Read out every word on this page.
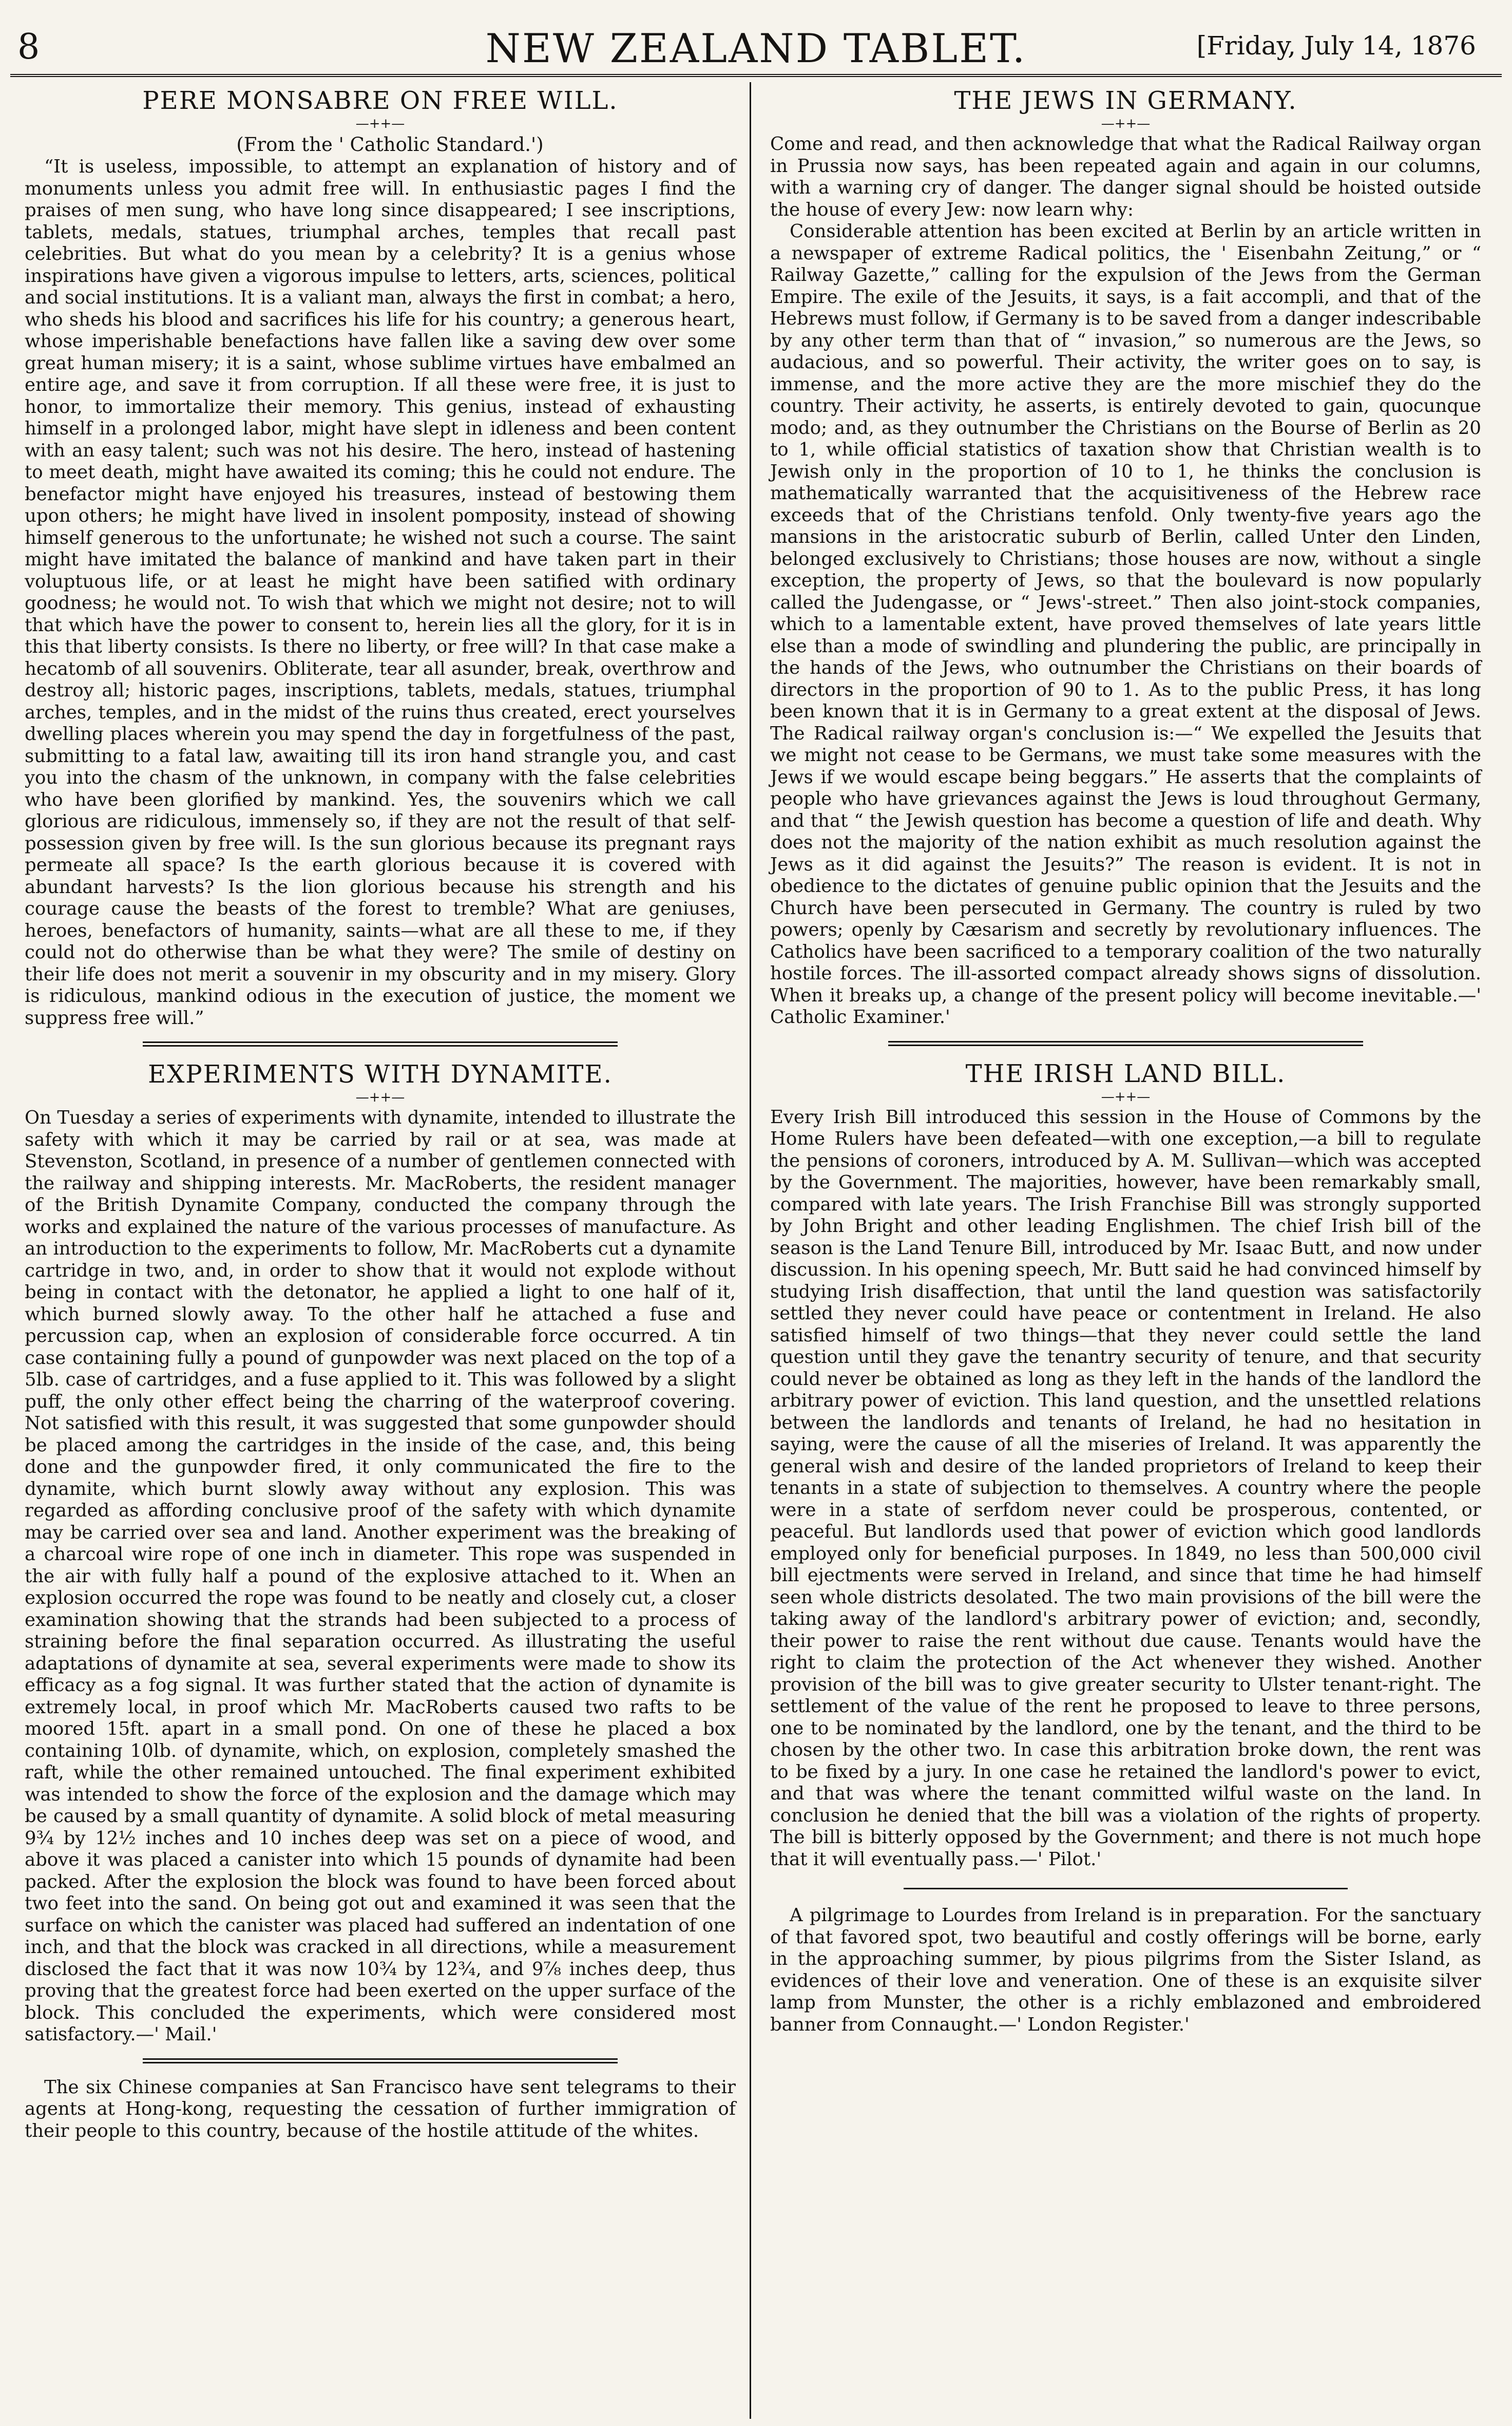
8	NEW ZEALAND TABLET.	[Friday, July 14, 1876
PERE MONSABRE ON FREE WILL.
—++—

(From the ' Catholic Standard.')

“It is useless, impossible, to attempt an explanation of history and of monuments unless you admit free will. In enthusiastic pages I find the praises of men sung, who have long since disappeared; I see inscriptions, tablets, medals, statues, triumphal arches, temples that recall past celebrities. But what do you mean by a celebrity? It is a genius whose inspirations have given a vigorous impulse to letters, arts, sciences, political and social institutions. It is a valiant man, always the first in combat; a hero, who sheds his blood and sacrifices his life for his country; a generous heart, whose imperishable benefactions have fallen like a saving dew over some great human misery; it is a saint, whose sublime virtues have embalmed an entire age, and save it from corruption. If all these were free, it is just to honor, to immortalize their memory. This genius, instead of exhausting himself in a prolonged labor, might have slept in idleness and been content with an easy talent; such was not his desire. The hero, instead of hastening to meet death, might have awaited its coming; this he could not endure. The benefactor might have enjoyed his treasures, instead of bestowing them upon others; he might have lived in insolent pomposity, instead of showing himself generous to the unfortunate; he wished not such a course. The saint might have imitated the balance of mankind and have taken part in their voluptuous life, or at least he might have been satified with ordinary goodness; he would not. To wish that which we might not desire; not to will that which have the power to consent to, herein lies all the glory, for it is in this that liberty consists. Is there no liberty, or free will? In that case make a hecatomb of all souvenirs. Obliterate, tear all asunder, break, overthrow and destroy all; historic pages, inscriptions, tablets, medals, statues, triumphal arches, temples, and in the midst of the ruins thus created, erect yourselves dwelling places wherein you may spend the day in forgetfulness of the past, submitting to a fatal law, awaiting till its iron hand strangle you, and cast you into the chasm of the unknown, in company with the false celebrities who have been glorified by mankind. Yes, the souvenirs which we call glorious are ridiculous, immensely so, if they are not the result of that self-possession given by free will. Is the sun glorious because its pregnant rays permeate all space? Is the earth glorious because it is covered with abundant harvests? Is the lion glorious because his strength and his courage cause the beasts of the forest to tremble? What are geniuses, heroes, benefactors of humanity, saints—what are all these to me, if they could not do otherwise than be what they were? The smile of destiny on their life does not merit a souvenir in my obscurity and in my misery. Glory is ridiculous, mankind odious in the execution of justice, the moment we suppress free will.”

EXPERIMENTS WITH DYNAMITE.
—++—

On Tuesday a series of experiments with dynamite, intended to illustrate the safety with which it may be carried by rail or at sea, was made at Stevenston, Scotland, in presence of a number of gentlemen connected with the railway and shipping interests. Mr. MacRoberts, the resident manager of the British Dynamite Company, conducted the company through the works and explained the nature of the various processes of manufacture. As an introduction to the experiments to follow, Mr. MacRoberts cut a dynamite cartridge in two, and, in order to show that it would not explode without being in contact with the detonator, he applied a light to one half of it, which burned slowly away. To the other half he attached a fuse and percussion cap, when an explosion of considerable force occurred. A tin case containing fully a pound of gunpowder was next placed on the top of a 5lb. case of cartridges, and a fuse applied to it. This was followed by a slight puff, the only other effect being the charring of the waterproof covering. Not satisfied with this result, it was suggested that some gunpowder should be placed among the cartridges in the inside of the case, and, this being done and the gunpowder fired, it only communicated the fire to the dynamite, which burnt slowly away without any explosion. This was regarded as affording conclusive proof of the safety with which dynamite may be carried over sea and land. Another experiment was the breaking of a charcoal wire rope of one inch in diameter. This rope was suspended in the air with fully half a pound of the explosive attached to it. When an explosion occurred the rope was found to be neatly and closely cut, a closer examination showing that the strands had been subjected to a process of straining before the final separation occurred. As illustrating the useful adaptations of dynamite at sea, several experiments were made to show its efficacy as a fog signal. It was further stated that the action of dynamite is extremely local, in proof which Mr. MacRoberts caused two rafts to be moored 15ft. apart in a small pond. On one of these he placed a box containing 10lb. of dynamite, which, on explosion, completely smashed the raft, while the other remained untouched. The final experiment exhibited was intended to show the force of the explosion and the damage which may be caused by a small quantity of dynamite. A solid block of metal measuring 9¾ by 12½ inches and 10 inches deep was set on a piece of wood, and above it was placed a canister into which 15 pounds of dynamite had been packed. After the explosion the block was found to have been forced about two feet into the sand. On being got out and examined it was seen that the surface on which the canister was placed had suffered an indentation of one inch, and that the block was cracked in all directions, while a measurement disclosed the fact that it was now 10¾ by 12¾, and 9⅞ inches deep, thus proving that the greatest force had been exerted on the upper surface of the block. This concluded the experiments, which were considered most satisfactory.—' Mail.'

The six Chinese companies at San Francisco have sent telegrams to their agents at Hong-kong, requesting the cessation of further immigration of their people to this country, because of the hostile attitude of the whites.

THE JEWS IN GERMANY.
—++—

Come and read, and then acknowledge that what the Radical Railway organ in Prussia now says, has been repeated again and again in our columns, with a warning cry of danger. The danger signal should be hoisted outside the house of every Jew: now learn why:

Considerable attention has been excited at Berlin by an article written in a newspaper of extreme Radical politics, the ' Eisenbahn Zeitung,” or “ Railway Gazette,” calling for the expulsion of the Jews from the German Empire. The exile of the Jesuits, it says, is a fait accompli, and that of the Hebrews must follow, if Germany is to be saved from a danger indescribable by any other term than that of “ invasion,” so numerous are the Jews, so audacious, and so powerful. Their activity, the writer goes on to say, is immense, and the more active they are the more mischief they do the country. Their activity, he asserts, is entirely devoted to gain, quocunque modo; and, as they outnumber the Christians on the Bourse of Berlin as 20 to 1, while official statistics of taxation show that Christian wealth is to Jewish only in the proportion of 10 to 1, he thinks the conclusion is mathematically warranted that the acquisitiveness of the Hebrew race exceeds that of the Christians tenfold. Only twenty-five years ago the mansions in the aristocratic suburb of Berlin, called Unter den Linden, belonged exclusively to Christians; those houses are now, without a single exception, the property of Jews, so that the boulevard is now popularly called the Judengasse, or “ Jews'-street.” Then also joint-stock companies, which to a lamentable extent, have proved themselves of late years little else than a mode of swindling and plundering the public, are principally in the hands of the Jews, who outnumber the Christians on their boards of directors in the proportion of 90 to 1. As to the public Press, it has long been known that it is in Germany to a great extent at the disposal of Jews. The Radical railway organ's conclusion is:—“ We expelled the Jesuits that we might not cease to be Germans, we must take some measures with the Jews if we would escape being beggars.” He asserts that the complaints of people who have grievances against the Jews is loud throughout Germany, and that “ the Jewish question has become a question of life and death. Why does not the majority of the nation exhibit as much resolution against the Jews as it did against the Jesuits?” The reason is evident. It is not in obedience to the dictates of genuine public opinion that the Jesuits and the Church have been persecuted in Germany. The country is ruled by two powers; openly by Cæsarism and secretly by revolutionary influences. The Catholics have been sacrificed to a temporary coalition of the two naturally hostile forces. The ill-assorted compact already shows signs of dissolution. When it breaks up, a change of the present policy will become inevitable.—' Catholic Examiner.'

THE IRISH LAND BILL.
—++—

Every Irish Bill introduced this session in the House of Commons by the Home Rulers have been defeated—with one exception,—a bill to regulate the pensions of coroners, introduced by A. M. Sullivan—which was accepted by the Government. The majorities, however, have been remarkably small, compared with late years. The Irish Franchise Bill was strongly supported by John Bright and other leading Englishmen. The chief Irish bill of the season is the Land Tenure Bill, introduced by Mr. Isaac Butt, and now under discussion. In his opening speech, Mr. Butt said he had convinced himself by studying Irish disaffection, that until the land question was satisfactorily settled they never could have peace or contentment in Ireland. He also satisfied himself of two things—that they never could settle the land question until they gave the tenantry security of tenure, and that security could never be obtained as long as they left in the hands of the landlord the arbitrary power of eviction. This land question, and the unsettled relations between the landlords and tenants of Ireland, he had no hesitation in saying, were the cause of all the miseries of Ireland. It was apparently the general wish and desire of the landed proprietors of Ireland to keep their tenants in a state of subjection to themselves. A country where the people were in a state of serfdom never could be prosperous, contented, or peaceful. But landlords used that power of eviction which good landlords employed only for beneficial purposes. In 1849, no less than 500,000 civil bill ejectments were served in Ireland, and since that time he had himself seen whole districts desolated. The two main provisions of the bill were the taking away of the landlord's arbitrary power of eviction; and, secondly, their power to raise the rent without due cause. Tenants would have the right to claim the protection of the Act whenever they wished. Another provision of the bill was to give greater security to Ulster tenant-right. The settlement of the value of the rent he proposed to leave to three persons, one to be nominated by the landlord, one by the tenant, and the third to be chosen by the other two. In case this arbitration broke down, the rent was to be fixed by a jury. In one case he retained the landlord's power to evict, and that was where the tenant committed wilful waste on the land. In conclusion he denied that the bill was a violation of the rights of property. The bill is bitterly opposed by the Government; and there is not much hope that it will eventually pass.—' Pilot.'

A pilgrimage to Lourdes from Ireland is in preparation. For the sanctuary of that favored spot, two beautiful and costly offerings will be borne, early in the approaching summer, by pious pilgrims from the Sister Island, as evidences of their love and veneration. One of these is an exquisite silver lamp from Munster, the other is a richly emblazoned and embroidered banner from Connaught.—' London Register.'
